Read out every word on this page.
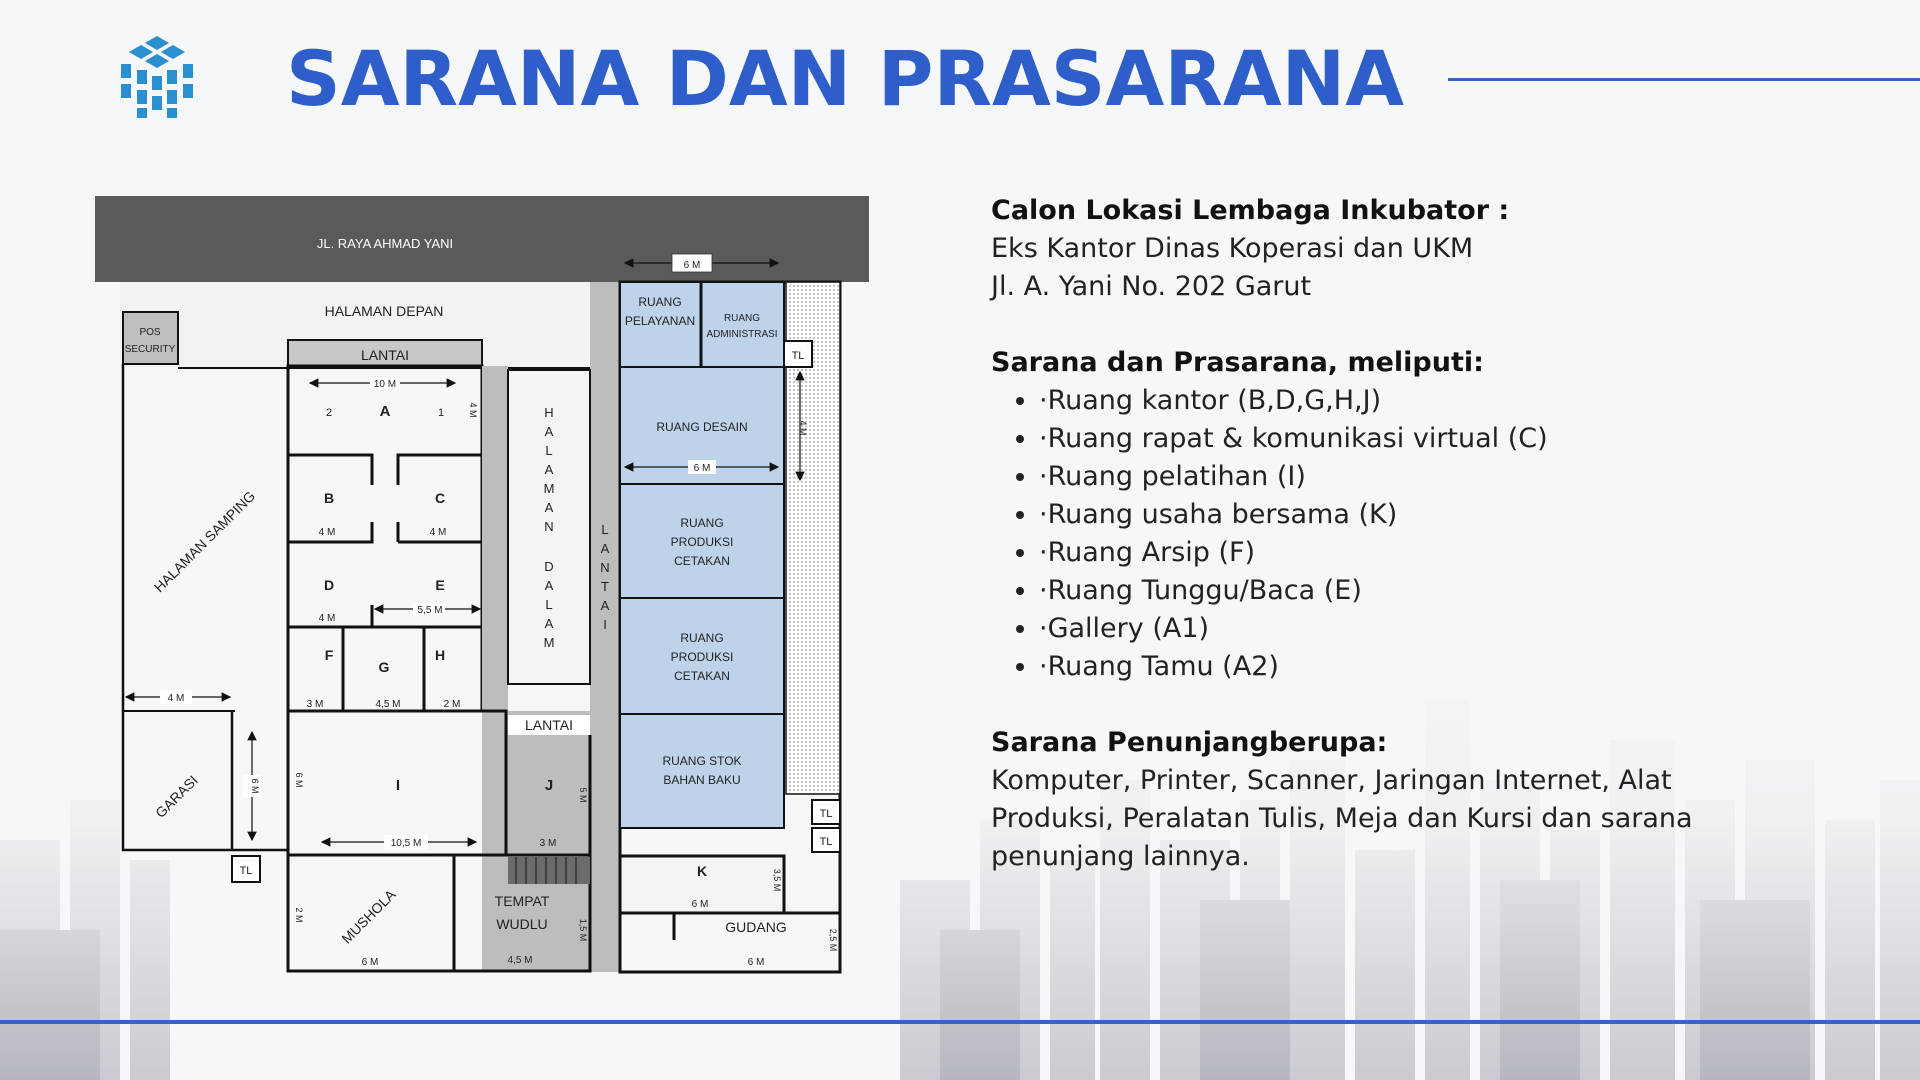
SARANA DAN PRASARANA
JL. RAYA AHMAD YANI
HALAMAN DEPAN
POS
SECURITY
HALAMAN SAMPING
LANTAI
10 M
A
2	1	4 M
B	C
D	E
4 M	4 M
4 M
5,5 M
F
G
H
3 M	4,5 M	2 M
H
A
L
A
M
A
N
D
A
L
A
M
L
A
N
T
A
I
RUANG
PELAYANAN	RUANG
ADMINISTRASI
RUANG DESAIN
6 M
RUANG
PRODUKSI
CETAKAN
RUANG
PRODUKSI
CETAKAN
RUANG STOK
BAHAN BAKU
6 M
TL
4 M
TL
TL
4 M
GARASI	6 M
TL
LANTAI
I	J
10,5 M	3 M
6 M
5 M
MUSHOLA	TEMPAT
WUDLU
6 M	4,5 M
2 M
1,5 M
K
6 M
3,5 M
GUDANG
6 M
2,5 M

Calon Lokasi Lembaga Inkubator :

Eks Kantor Dinas Koperasi dan UKM

Jl. A. Yani No. 202 Garut

Sarana dan Prasarana, meliputi:

• ·Ruang kantor (B,D,G,H,J)
• ·Ruang rapat & komunikasi virtual (C)
• ·Ruang pelatihan (I)
• ·Ruang usaha bersama (K)
• ·Ruang Arsip (F)
• ·Ruang Tunggu/Baca (E)
• ·Gallery (A1)
• ·Ruang Tamu (A2)

Sarana Penunjangberupa:

Komputer, Printer, Scanner, Jaringan Internet, Alat

Produksi, Peralatan Tulis, Meja dan Kursi dan sarana

penunjang lainnya.
